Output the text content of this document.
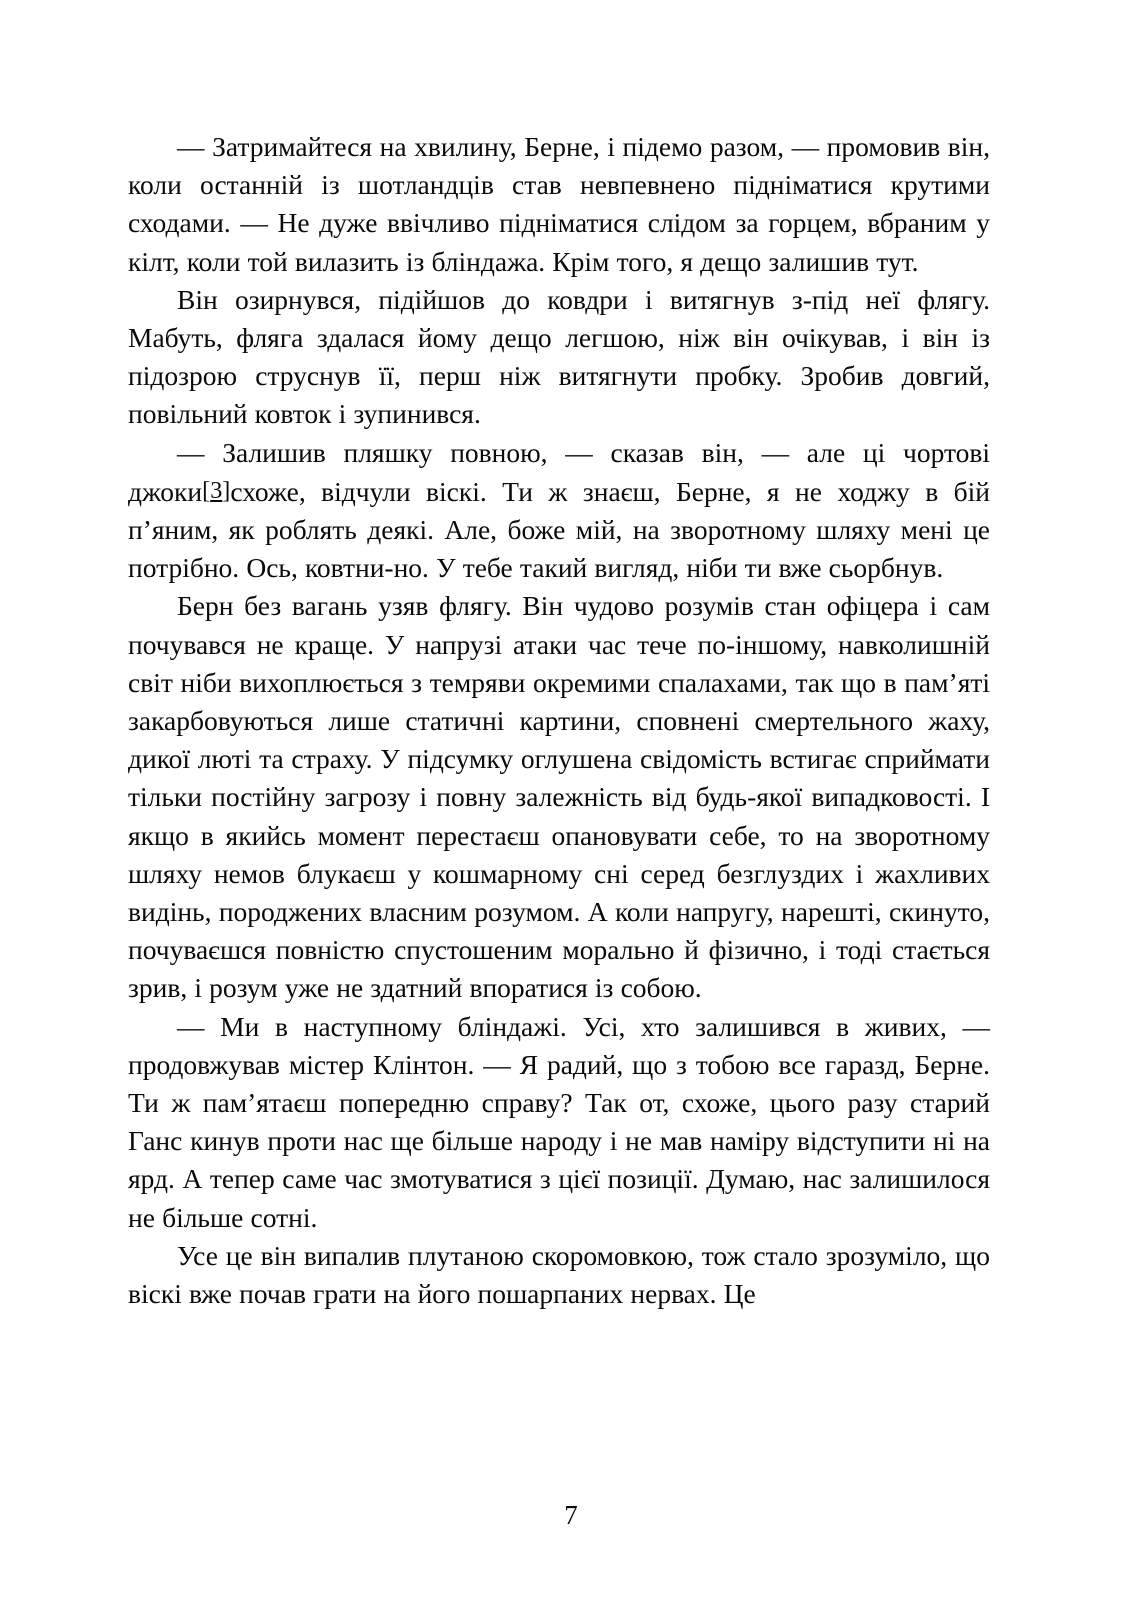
— Затримайтеся на хвилину, Берне, і підемо разом, — промовив він, коли останній із шотландців став невпевнено підніматися крутими сходами. — Не дуже ввічливо підніматися слідом за горцем, вбраним у кілт, коли той вилазить із бліндажа. Крім того, я дещо залишив тут.

Він озирнувся, підійшов до ковдри і витягнув з-під неї флягу. Мабуть, фляга здалася йому дещо легшою, ніж він очікував, і він із підозрою струснув її, перш ніж витягнути пробку. Зробив довгий, повільний ковток і зупинився.

— Залишив пляшку повною, — сказав він, — але ці чортові джоки[3]схоже, відчули віскі. Ти ж знаєш, Берне, я не ходжу в бій п’яним, як роблять деякі. Але, боже мій, на зворотному шляху мені це потрібно. Ось, ковтни-но. У тебе такий вигляд, ніби ти вже сьорбнув.

Берн без вагань узяв флягу. Він чудово розумів стан офіцера і сам почувався не краще. У напрузі атаки час тече по-іншому, навколишній світ ніби вихоплюється з темряви окремими спалахами, так що в пам’яті закарбовуються лише статичні картини, сповнені смертельного жаху, дикої люті та страху. У підсумку оглушена свідомість встигає сприймати тільки постійну загрозу і повну залежність від будь-якої випадковості. І якщо в якийсь момент перестаєш опановувати себе, то на зворотному шляху немов блукаєш у кошмарному сні серед безглуздих і жахливих видінь, породжених власним розумом. А коли напругу, нарешті, скинуто, почуваєшся повністю спустошеним морально й фізично, і тоді стається зрив, і розум уже не здатний впоратися із собою.

— Ми в наступному бліндажі. Усі, хто залишився в живих, — продовжував містер Клінтон. — Я радий, що з тобою все гаразд, Берне. Ти ж пам’ятаєш попередню справу? Так от, схоже, цього разу старий Ганс кинув проти нас ще більше народу і не мав наміру відступити ні на ярд. А тепер саме час змотуватися з цієї позиції. Думаю, нас залишилося не більше сотні.

Усе це він випалив плутаною скоромовкою, тож стало зрозуміло, що віскі вже почав грати на його пошарпаних нервах. Це

7
